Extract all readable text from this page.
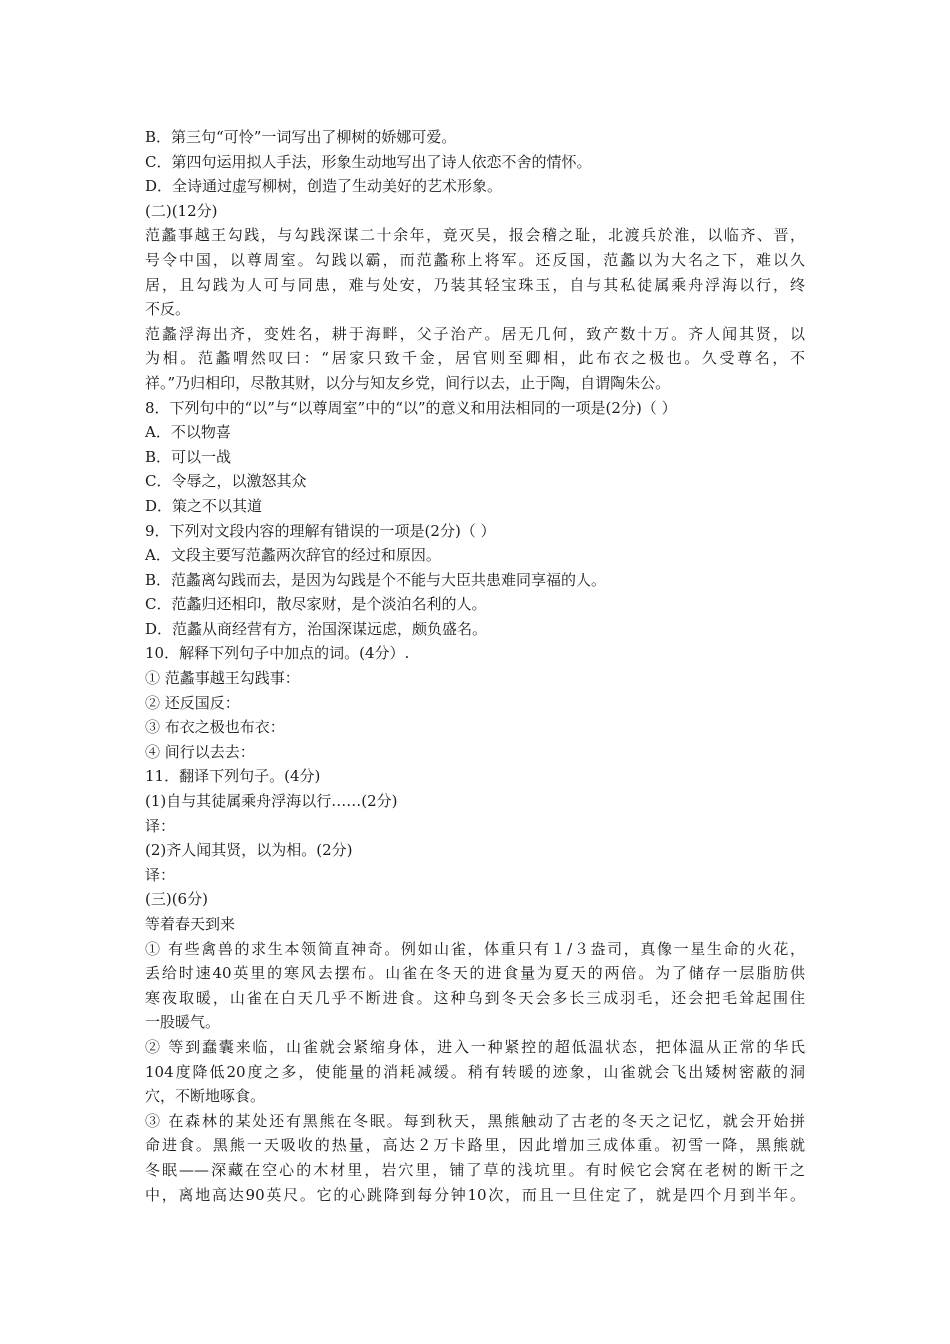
B．第三句“可怜”一词写出了柳树的娇娜可爱。
C．第四句运用拟人手法，形象生动地写出了诗人依恋不舍的情怀。
D．全诗通过虚写柳树，创造了生动美好的艺术形象。
(二)(12分)
范蠡事越王勾践，与勾践深谋二十余年，竟灭吴，报会稽之耻，北渡兵於淮，以临齐、晋，
号令中国，以尊周室。勾践以霸，而范蠡称上将军。还反国，范蠡以为大名之下，难以久
居，且勾践为人可与同患，难与处安，乃装其轻宝珠玉，自与其私徒属乘舟浮海以行，终
不反。
范蠡浮海出齐，变姓名，耕于海畔，父子治产。居无几何，致产数十万。齐人闻其贤，以
为相。范蠡喟然叹曰：“居家只致千金，居官则至卿相，此布衣之极也。久受尊名，不
祥。”乃归相印，尽散其财，以分与知友乡党，间行以去，止于陶，自谓陶朱公。
8．下列句中的“以”与“以尊周室”中的“以”的意义和用法相同的一项是(2分)（ ）
A．不以物喜
B．可以一战
C．令辱之，以激怒其众
D．策之不以其道
9．下列对文段内容的理解有错误的一项是(2分)（ ）
A．文段主要写范蠡两次辞官的经过和原因。
B．范蠡离勾践而去，是因为勾践是个不能与大臣共患难同享福的人。
C．范蠡归还相印，散尽家财，是个淡泊名利的人。
D．范蠡从商经营有方，治国深谋远虑，颇负盛名。
10．解释下列句子中加点的词。(4分）.
① 范蠡事越王勾践事：
② 还反国反：
③ 布衣之极也布衣：
④ 间行以去去：
11．翻译下列句子。(4分)
(1)自与其徒属乘舟浮海以行……(2分)
译：
(2)齐人闻其贤，以为相。(2分)
译：
(三)(6分)
等着春天到来
① 有些禽兽的求生本领简直神奇。例如山雀，体重只有１/３盎司，真像一星生命的火花，
丢给时速40英里的寒风去摆布。山雀在冬天的进食量为夏天的两倍。为了储存一层脂肪供
寒夜取暖，山雀在白天几乎不断进食。这种乌到冬天会多长三成羽毛，还会把毛耸起围住
一股暖气。
② 等到蠢囊来临，山雀就会紧缩身体，进入一种紧控的超低温状态，把体温从正常的华氏
104度降低20度之多，使能量的消耗减缓。稍有转暖的迹象，山雀就会飞出矮树密蔽的洞
穴，不断地啄食。
③ 在森林的某处还有黑熊在冬眠。每到秋天，黑熊触动了古老的冬天之记忆，就会开始拼
命进食。黑熊一天吸收的热量，高达２万卡路里，因此增加三成体重。初雪一降，黑熊就
冬眠——深藏在空心的木材里，岩穴里，铺了草的浅坑里。有时候它会窝在老树的断干之
中，离地高达90英尺。它的心跳降到每分钟10次，而且一旦住定了，就是四个月到半年。
